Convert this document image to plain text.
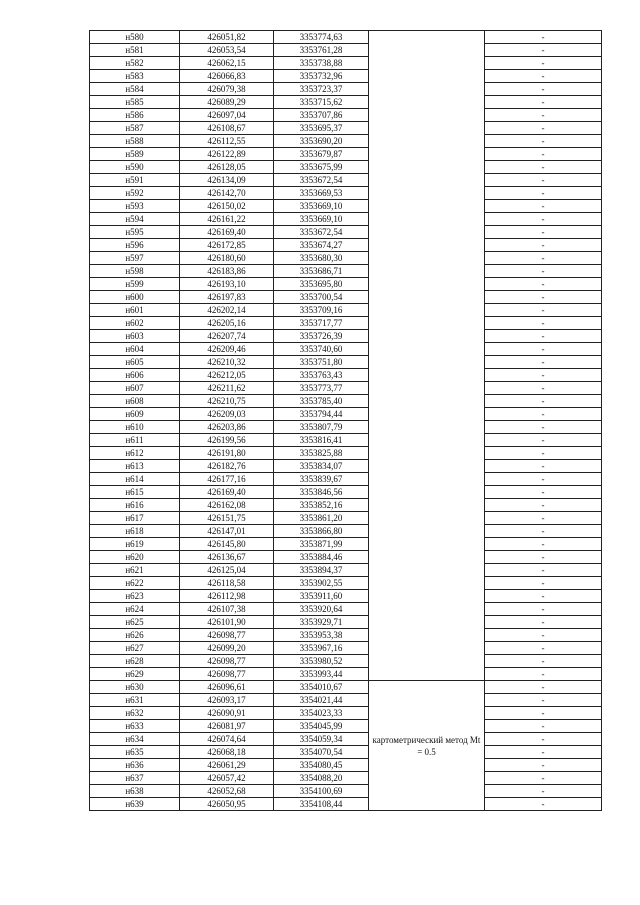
н580	426051,82	3353774,63		-
н581	426053,54	3353761,28		-
н582	426062,15	3353738,88		-
н583	426066,83	3353732,96		-
н584	426079,38	3353723,37		-
н585	426089,29	3353715,62		-
н586	426097,04	3353707,86		-
н587	426108,67	3353695,37		-
н588	426112,55	3353690,20		-
н589	426122,89	3353679,87		-
н590	426128,05	3353675,99		-
н591	426134,09	3353672,54		-
н592	426142,70	3353669,53		-
н593	426150,02	3353669,10		-
н594	426161,22	3353669,10		-
н595	426169,40	3353672,54		-
н596	426172,85	3353674,27		-
н597	426180,60	3353680,30		-
н598	426183,86	3353686,71		-
н599	426193,10	3353695,80		-
н600	426197,83	3353700,54		-
н601	426202,14	3353709,16		-
н602	426205,16	3353717,77		-
н603	426207,74	3353726,39		-
н604	426209,46	3353740,60		-
н605	426210,32	3353751,80		-
н606	426212,05	3353763,43		-
н607	426211,62	3353773,77		-
н608	426210,75	3353785,40		-
н609	426209,03	3353794,44		-
н610	426203,86	3353807,79		-
н611	426199,56	3353816,41		-
н612	426191,80	3353825,88		-
н613	426182,76	3353834,07		-
н614	426177,16	3353839,67		-
н615	426169,40	3353846,56		-
н616	426162,08	3353852,16		-
н617	426151,75	3353861,20		-
н618	426147,01	3353866,80		-
н619	426145,80	3353871,99		-
н620	426136,67	3353884,46		-
н621	426125,04	3353894,37		-
н622	426118,58	3353902,55		-
н623	426112,98	3353911,60		-
н624	426107,38	3353920,64		-
н625	426101,90	3353929,71		-
н626	426098,77	3353953,38		-
н627	426099,20	3353967,16		-
н628	426098,77	3353980,52		-
н629	426098,77	3353993,44		-
н630	426096,61	3354010,67	картометрический метод Mt = 0.5	-
н631	426093,17	3354021,44		-
н632	426090,91	3354023,33		-
н633	426081,97	3354045,99		-
н634	426074,64	3354059,34		-
н635	426068,18	3354070,54		-
н636	426061,29	3354080,45		-
н637	426057,42	3354088,20		-
н638	426052,68	3354100,69		-
н639	426050,95	3354108,44		-
